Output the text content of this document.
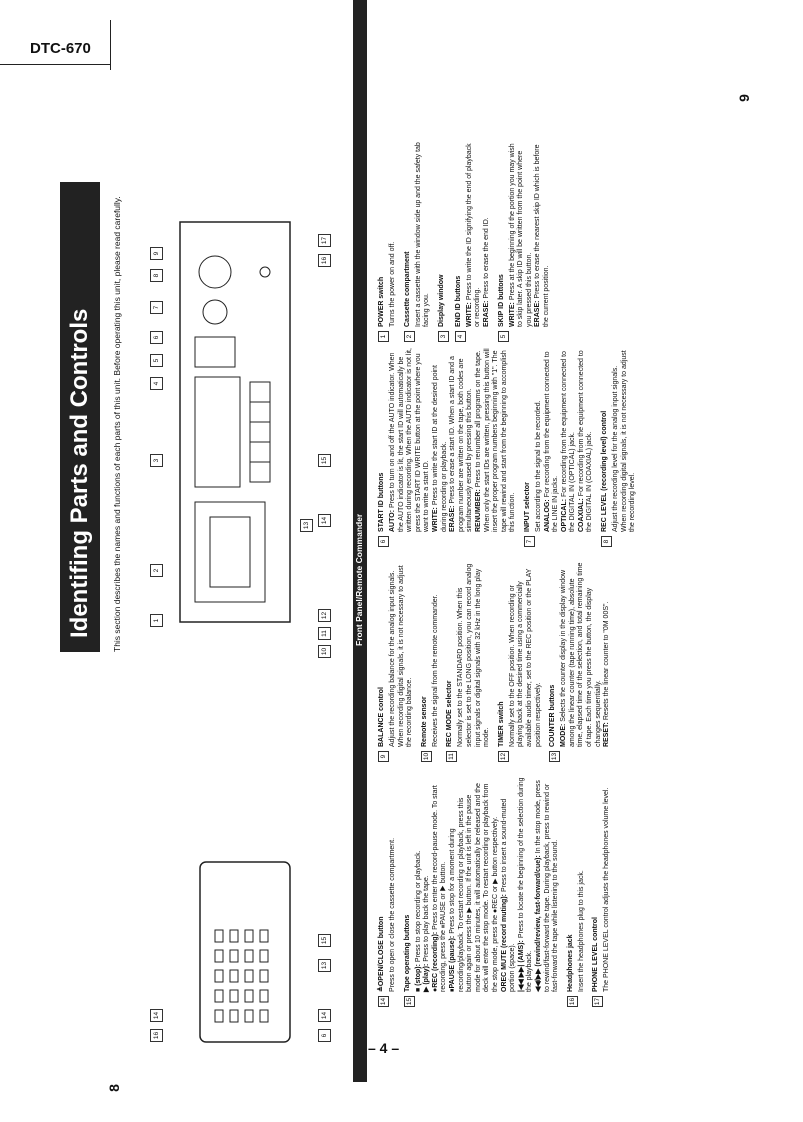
DTC-670
– 4 –
8
9
Identifing Parts and Controls	This section describes the names and functions of each parts of this unit. Before operating this unit, please read carefully.	1
2
3
4
5
6
7
8
9
17
16
15
14
13
12
11
10
16
14
6
14
13
15
Front Panel/Remote Commander
1POWER switch Turns the power on and off.
2Cassette compartment Insert a cassette with the window side up and the safety tab facing you.
3Display window
4END ID buttons WRITE: Press to write the ID signifying the end of playback or recording. ERASE: Press to erase the end ID.
5SKIP ID buttons WRITE: Press at the beginning of the portion you may wish to skip later. A skip ID will be written from the point where you pressed this button. ERASE: Press to erase the nearest skip ID which is before the current position.
6START ID buttons AUTO: Press to turn on and off the AUTO indicator. When the AUTO indicator is lit, the start ID will automatically be written during recording. When the AUTO indicator is not lit, press the START ID WRITE button at the point where you want to write a start ID. WRITE: Press to write the start ID at the desired point during recording or playback. ERASE: Press to erase a start ID. When a start ID and a program number are written on the tape, both codes are simultaneously erased by pressing this button. RENUMBER: Press to renumber all programs on the tape. When only the start IDs are written, pressing this button will insert the proper program numbers beginning with "1". The tape will rewind and start from the beginning to accomplish this function.
7INPUT selector Set according to the signal to be recorded. ANALOG: For recording from the equipment connected to the LINE IN jacks. OPTICAL: For recording from the equipment connected to the DIGITAL IN (OPTICAL) jack. COAXIAL: For recording from the equipment connected to the DIGITAL IN (COAXIAL) jack.
8REC LEVEL (recording level) control Adjust the recording level for the analog input signals. When recording digital signals, it is not necessary to adjust the recording level.
9BALANCE control Adjust the recording balance for the analog input signals. When recording digital signals, it is not necessary to adjust the recording balance.
10Remote sensor Receives the signal from the remote commander.
11REC MODE selector Normally set to the STANDARD position. When this selector is set to the LONG position, you can record analog input signals or digital signals with 32 kHz in the long play mode.
12TIMER switch Normally set to the OFF position. When recording or playing back at the desired time using a commercially available audio timer, set to the REC position or the PLAY position respectively.
13COUNTER buttons MODE: Selects the counter display in the display window among the linear counter (tape running time), absolute time, elapsed time of the selection, and total remaining time of tape. Each time you press the button, the display changes sequentially. RESET: Resets the linear counter to "0M 00S".
14≜OPEN/CLOSE button Press to open or close the cassette compartment.
15Tape operating buttons ■ (stop): Press to stop recording or playback.
▶ (play): Press to play back the tape. ●REC (recording): Press to enter the record-pause mode. To start recording, press the ⏸PAUSE or ▶ button. ⏸PAUSE (pause): Press to stop for a moment during recording/playback. To restart recording or playback, press this button again or press the ▶ button. If the unit is left in the pause mode for about 10 minutes, it will automatically be released and the deck will enter the stop mode. To restart recording or playback from the stop mode, press the ●REC or ▶ button respectively. OREC MUTE (record muting): Press to insert a sound-muted portion (space). |◀◀ ▶▶| (AMS): Press to locate the beginning of the selection during the playback. ◀◀/▶▶ (rewind/review, fast-forward/cue): In the stop mode, press to rewind/fast-forward the tape. During playback, press to rewind or fast-forward the tape while listening to the sound.
16Headphones jack Insert the headphones plug to this jack.
17PHONE LEVEL control The PHONE LEVEL control adjusts the headphones volume level.
